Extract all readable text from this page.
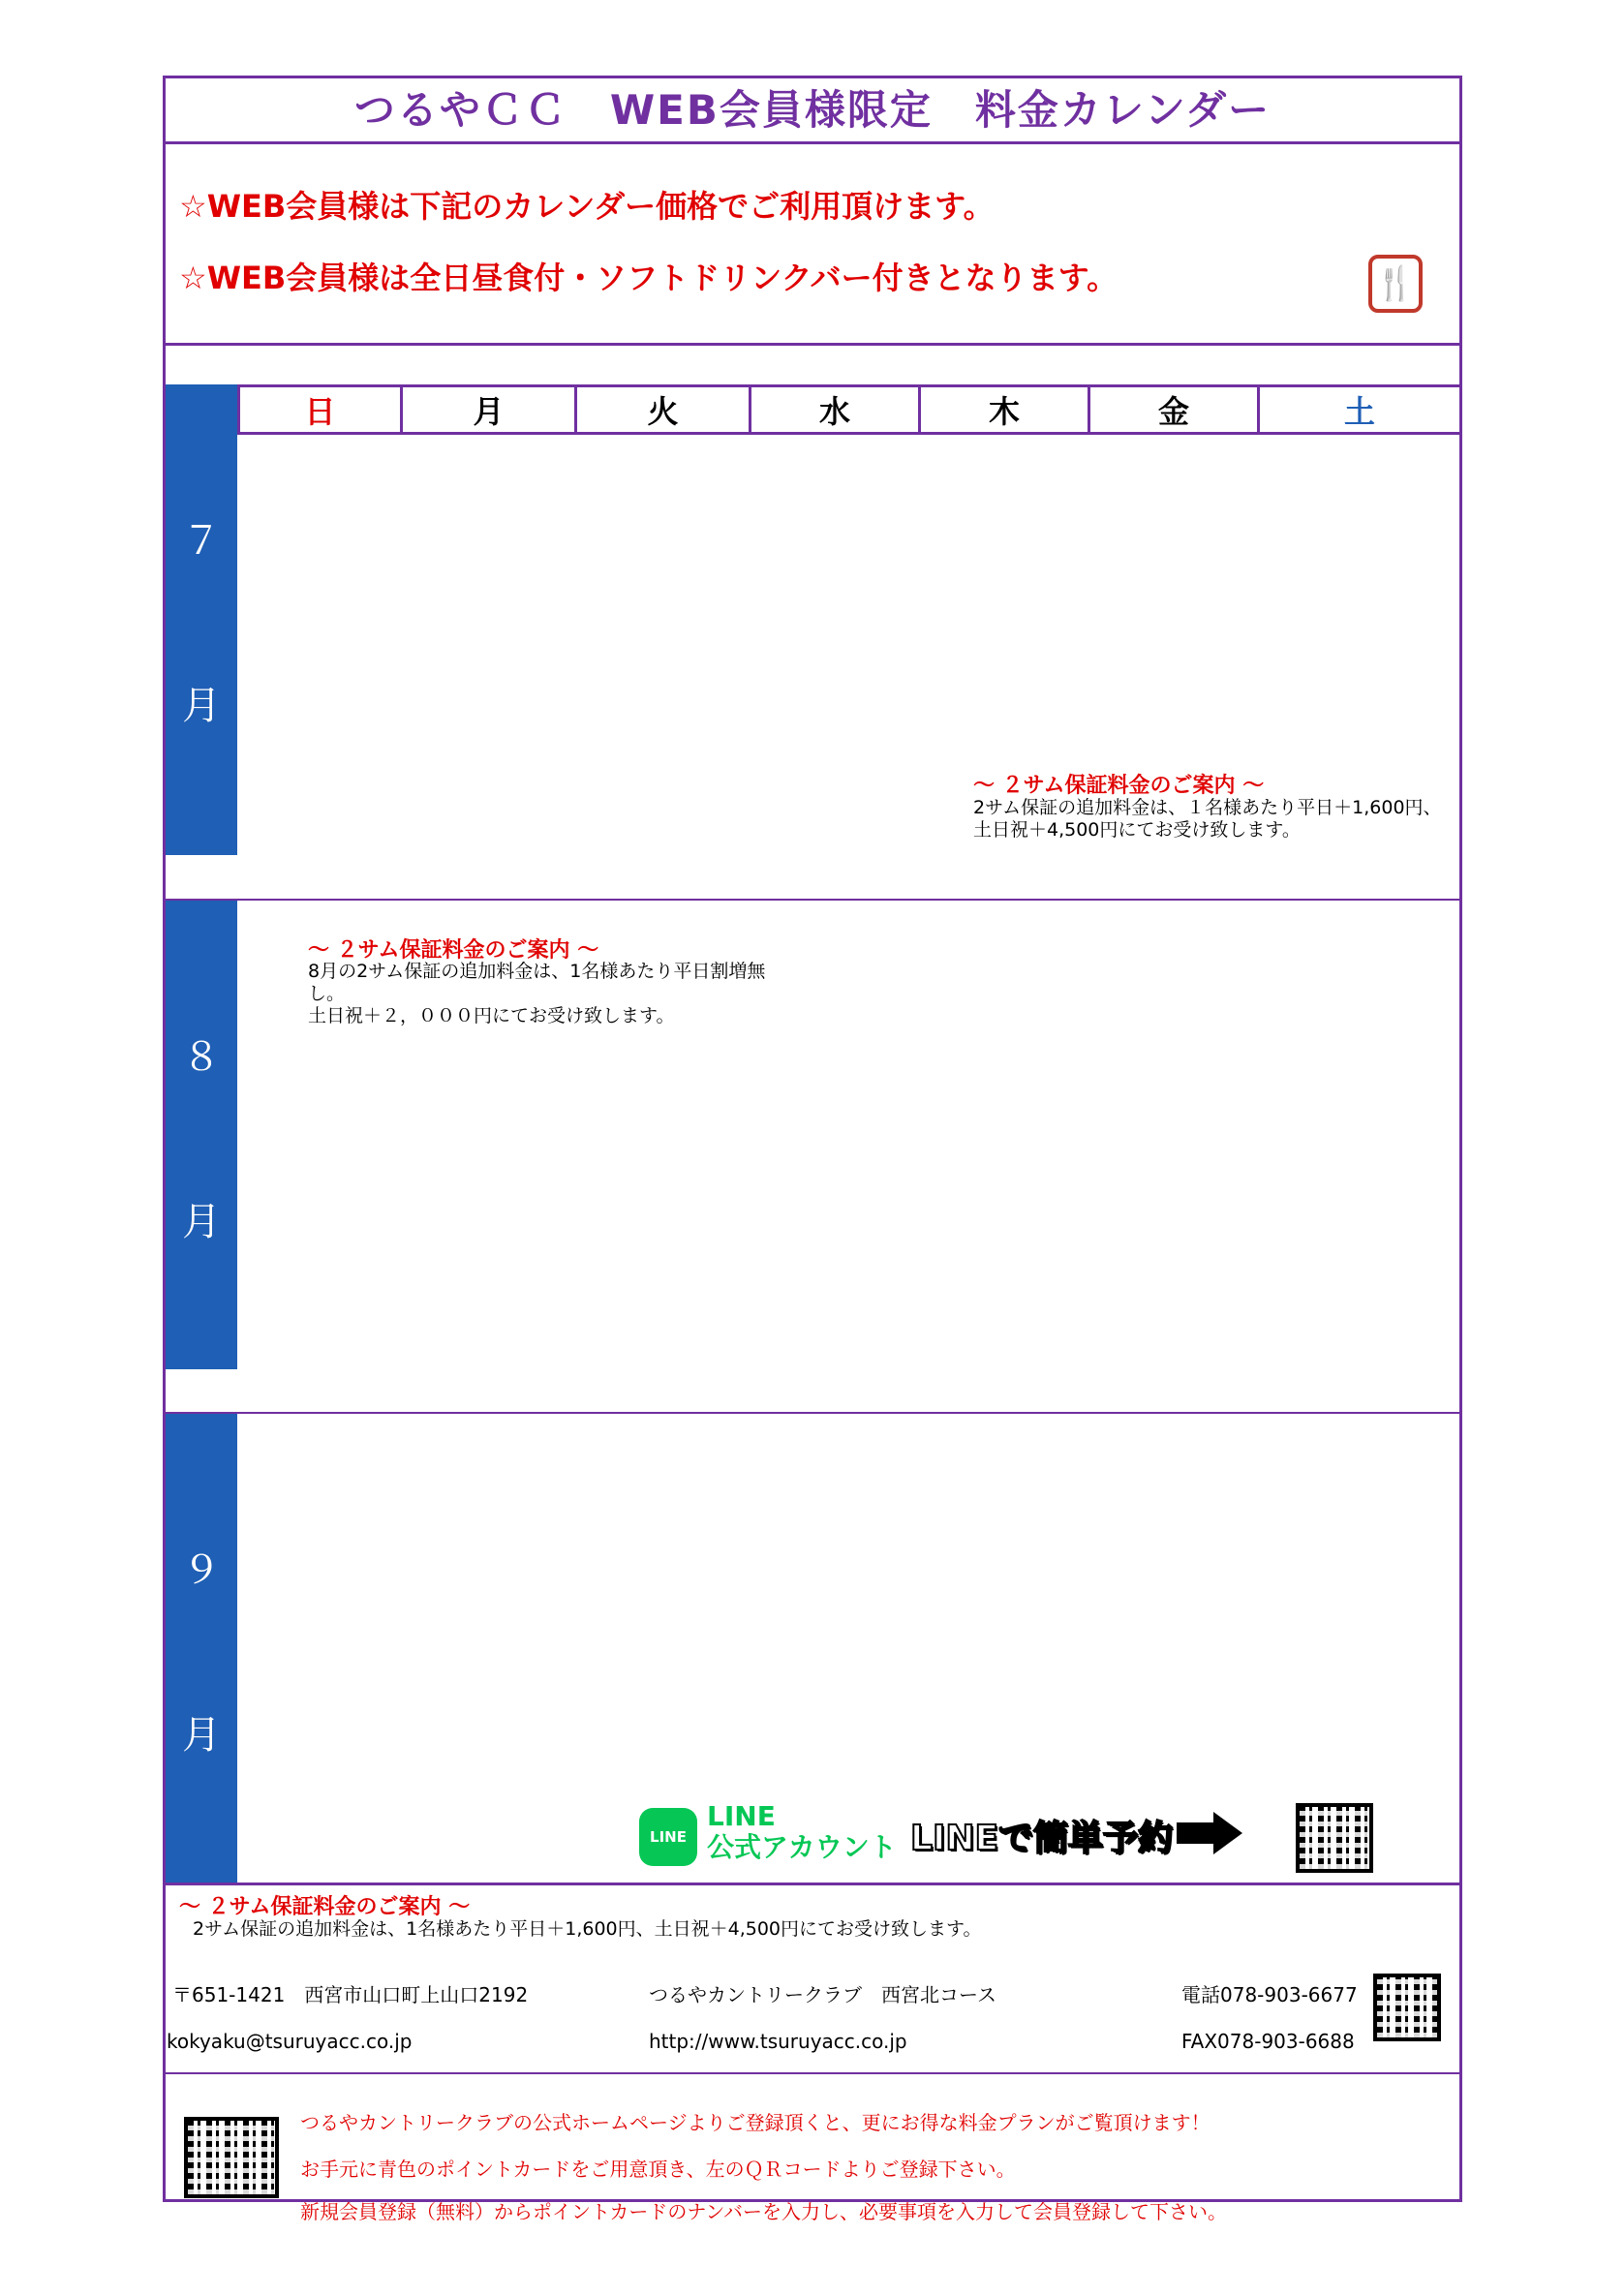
つるやＣＣ　WEB会員様限定　料金カレンダー
☆WEB会員様は下記のカレンダー価格でご利用頂けます。
☆WEB会員様は全日昼食付・ソフトドリンクバー付きとなります。	🍴
７
月
８
月
９
月
日	月	火	水	木	金	土
～ ２サム保証料金のご案内 ～
2サム保証の追加料金は、１名様あたり平日＋1,600円、
土日祝＋4,500円にてお受け致します。
～ ２サム保証料金のご案内 ～
8月の2サム保証の追加料金は、1名様あたり平日割増無
し。
土日祝＋２，０００円にてお受け致します。
LINE
LINE
公式アカウント LINEで簡単予約
～ ２サム保証料金のご案内 ～
2サム保証の追加料金は、1名様あたり平日＋1,600円、土日祝＋4,500円にてお受け致します。
〒651-1421　西宮市山口町上山口2192	つるやカントリークラブ　西宮北コース	電話078-903-6677
kokyaku@tsuruyacc.co.jp	http://www.tsuruyacc.co.jp	FAX078-903-6688
つるやカントリークラブの公式ホームページよりご登録頂くと、更にお得な料金プランがご覧頂けます！
お手元に青色のポイントカードをご用意頂き、左のＱＲコードよりご登録下さい。
新規会員登録（無料）からポイントカードのナンバーを入力し、必要事項を入力して会員登録して下さい。
